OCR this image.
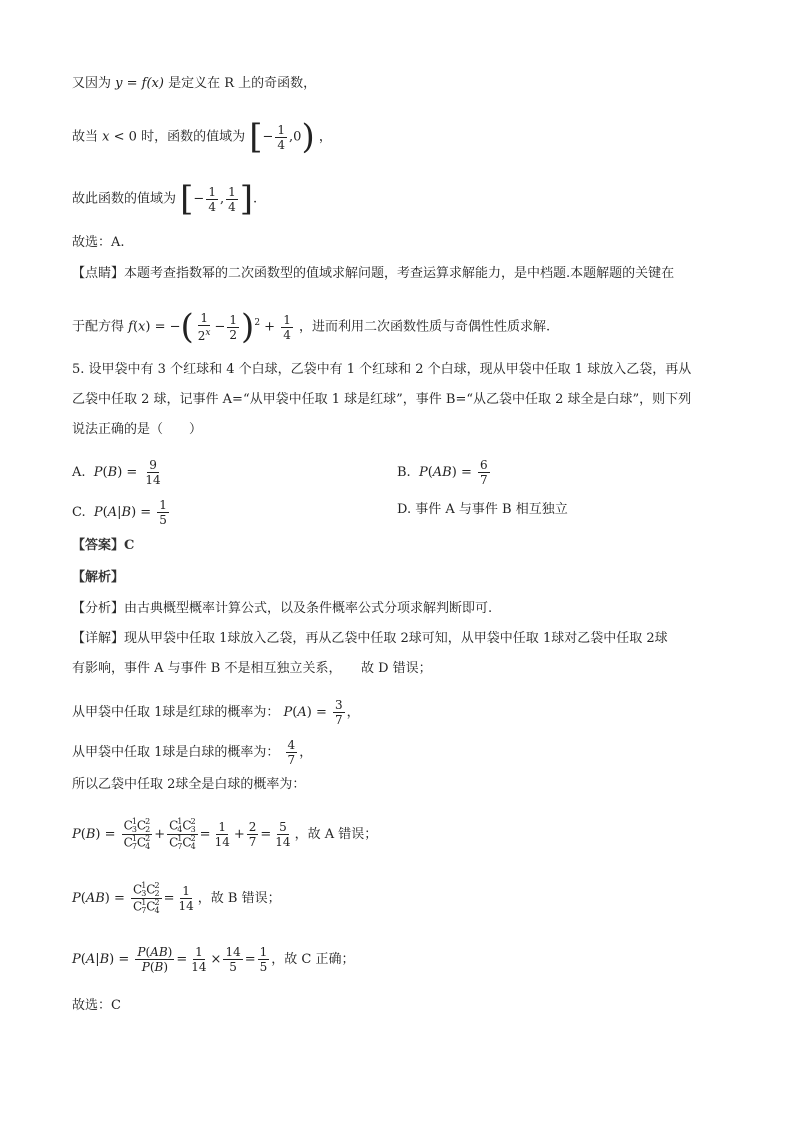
又因为 y = f(x) 是定义在 R 上的奇函数，
故当 x < 0 时，函数的值域为 [− $\frac{1}{4} ,0$) ，
故此函数的值域为 [− $\frac{1}{4}$ , $\frac{1}{4}$ ].
故选：A.
【点睛】本题考查指数幂的二次函数型的值域求解问题，考查运算求解能力，是中档题.本题解题的关键在
于配方得 f(x) = −( $\frac{1}{2^x} - \frac{1}{2} )^2 + \frac{1}{4}$ ，进而利用二次函数性质与奇偶性性质求解.
5. 设甲袋中有 3 个红球和 4 个白球，乙袋中有 1 个红球和 2 个白球，现从甲袋中任取 1 球放入乙袋，再从
乙袋中任取 2 球，记事件 A=“从甲袋中任取 1 球是红球”，事件 B=“从乙袋中任取 2 球全是白球”，则下列
说法正确的是（　　）
A. $P(B) = \frac{9}{14}$	B. $P(AB) = \frac{6}{7}$
C. $P(A|B) = \frac{1}{5}$	D. 事件 A 与事件 B 相互独立
【答案】C
【解析】
【分析】由古典概型概率计算公式，以及条件概率公式分项求解判断即可.
【详解】现从甲袋中任取 1球放入乙袋，再从乙袋中任取 2球可知，从甲袋中任取 1球对乙袋中任取 2球
有影响，事件 A 与事件 B 不是相互独立关系，　　故 D 错误；
从甲袋中任取 1球是红球的概率为： $P(A) = \frac{3}{7}$ ，
从甲袋中任取 1球是白球的概率为： $\frac{4}{7}$ ，
所以乙袋中任取 2球全是白球的概率为：
P(B) = C 1
3 C 2
2
C 1
7 C 2
4 + C 1
4 C 2
3
C 1
7 C 2
$4 = \frac{1}{14} + \frac{2}{7} = \frac{5}{14}$ ，故 A 错误；
P(AB) = C 1
3 C 2
2
C 1
7 C 2
$4 = \frac{1}{14}$ ，故 B 错误；
$P(A|B) = \frac{P(AB)}{P(B)} = \frac{1}{14} \times \frac{14}{5} = \frac{1}{5}$ ，故 C 正确；
故选：C
